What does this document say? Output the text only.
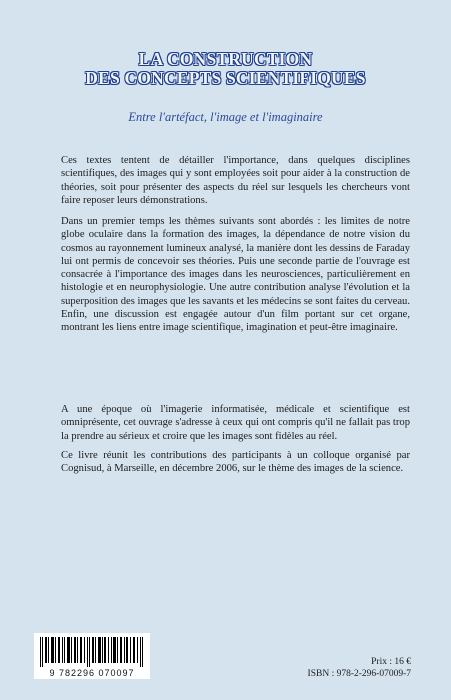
LA CONSTRUCTION
DES CONCEPTS SCIENTIFIQUES
Entre l'artéfact, l'image et l'imaginaire
Ces textes tentent de détailler l'importance, dans quelques disciplines scientifiques, des images qui y sont employées soit pour aider à la construction de théories, soit pour présenter des aspects du réel sur lesquels les chercheurs vont faire reposer leurs démonstrations.
Dans un premier temps les thèmes suivants sont abordés : les limites de notre globe oculaire dans la formation des images, la dépendance de notre vision du cosmos au rayonnement lumineux analysé, la manière dont les dessins de Faraday lui ont permis de concevoir ses théories. Puis une seconde partie de l'ouvrage est consacrée à l'importance des images dans les neurosciences, particulièrement en histologie et en neurophysiologie. Une autre contribution analyse l'évolution et la superposition des images que les savants et les médecins se sont faites du cerveau. Enfin, une discussion est engagée autour d'un film portant sur cet organe, montrant les liens entre image scientifique, imagination et peut-être imaginaire.
A une époque où l'imagerie informatisée, médicale et scientifique est omniprésente, cet ouvrage s'adresse à ceux qui ont compris qu'il ne fallait pas trop la prendre au sérieux et croire que les images sont fidèles au réel.
Ce livre réunit les contributions des participants à un colloque organisé par Cognisud, à Marseille, en décembre 2006, sur le thème des images de la science.
9 782296 070097
Prix : 16 €
ISBN : 978-2-296-07009-7
